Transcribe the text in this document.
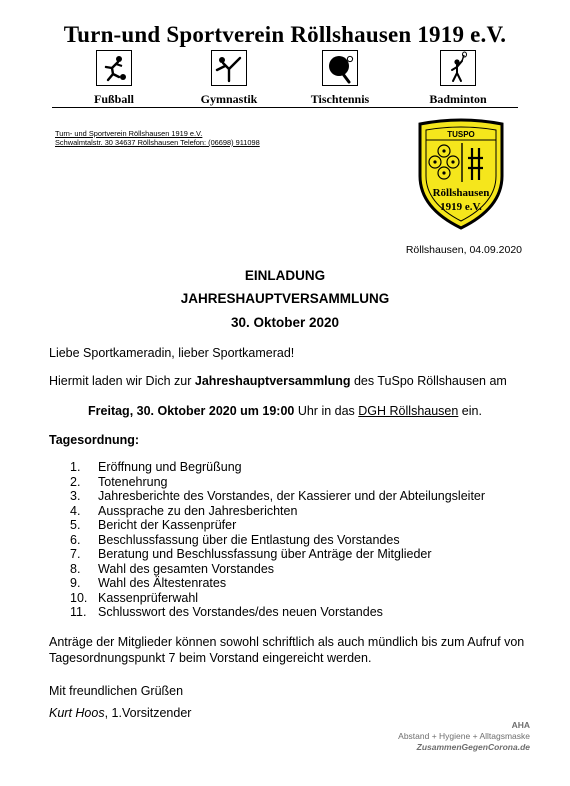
Turn-und Sportverein Röllshausen 1919 e.V.
Fußball	Gymnastik	Tischtennis	Badminton
Turn- und Sportverein Röllshausen 1919 e.V.
Schwalmtalstr. 30 34637 Röllshausen Telefon: (06698) 911098
TUSPO
Röllshausen
1919 e.V.
Röllshausen, 04.09.2020
EINLADUNG
JAHRESHAUPTVERSAMMLUNG
30. Oktober 2020
Liebe Sportkameradin, lieber Sportkamerad!
Hiermit laden wir Dich zur Jahreshauptversammlung des TuSpo Röllshausen am
Freitag, 30. Oktober 2020 um 19:00 Uhr in das DGH Röllshausen ein.
Tagesordnung:
1.	Eröffnung und Begrüßung
2.	Totenehrung
3.	Jahresberichte des Vorstandes, der Kassierer und der Abteilungsleiter
4.	Aussprache zu den Jahresberichten
5.	Bericht der Kassenprüfer
6.	Beschlussfassung über die Entlastung des Vorstandes
7.	Beratung und Beschlussfassung über Anträge der Mitglieder
8.	Wahl des gesamten Vorstandes
9.	Wahl des Ältestenrates
10. Kassenprüferwahl
11. Schlusswort des Vorstandes/des neuen Vorstandes
Anträge der Mitglieder können sowohl schriftlich als auch mündlich bis zum Aufruf von
Tagesordnungspunkt 7 beim Vorstand eingereicht werden.
Mit freundlichen Grüßen
Kurt Hoos, 1.Vorsitzender
AHA
Abstand + Hygiene + Alltagsmaske
ZusammenGegenCorona.de
